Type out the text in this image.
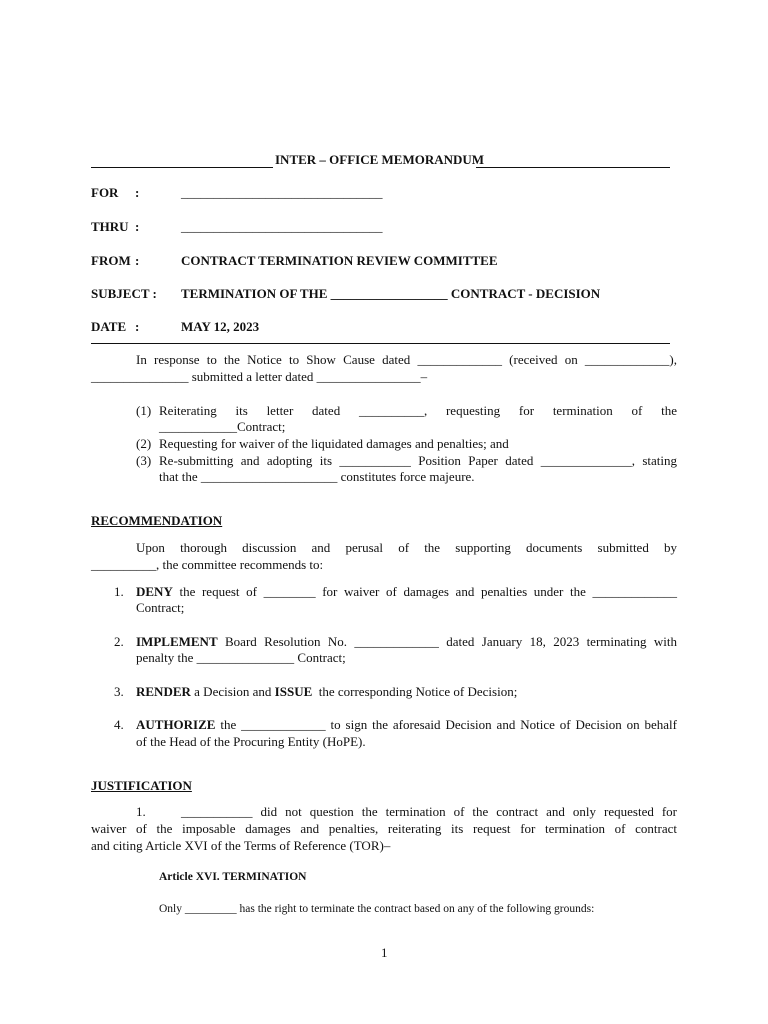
INTER – OFFICE MEMORANDUM
FOR :	_______________________________
THRU :	_______________________________
FROM :	CONTRACT TERMINATION REVIEW COMMITTEE
SUBJECT : TERMINATION OF THE __________________ CONTRACT - DECISION
DATE :	MAY 12, 2023
In response to the Notice to Show Cause dated _____________ (received on _____________),
_______________ submitted a letter dated ________________–
(1) Reiterating its letter dated __________, requesting for termination of the
____________Contract;
(2) Requesting for waiver of the liquidated damages and penalties; and
(3) Re-submitting and adopting its ___________ Position Paper dated ______________, stating
that the _____________________ constitutes force majeure.
RECOMMENDATION
Upon thorough discussion and perusal of the supporting documents submitted by
__________, the committee recommends to:
1. DENY the request of ________ for waiver of damages and penalties under the _____________
Contract;
2. IMPLEMENT Board Resolution No. _____________ dated January 18, 2023 terminating with
penalty the _______________ Contract;
3. RENDER a Decision and ISSUE  the corresponding Notice of Decision;
4. AUTHORIZE the _____________ to sign the aforesaid Decision and Notice of Decision on behalf
of the Head of the Procuring Entity (HoPE).
JUSTIFICATION
1.	___________ did not question the termination of the contract and only requested for
waiver of the imposable damages and penalties, reiterating its request for termination of contract
and citing Article XVI of the Terms of Reference (TOR)–
Article XVI. TERMINATION
Only _________ has the right to terminate the contract based on any of the following grounds:
1
